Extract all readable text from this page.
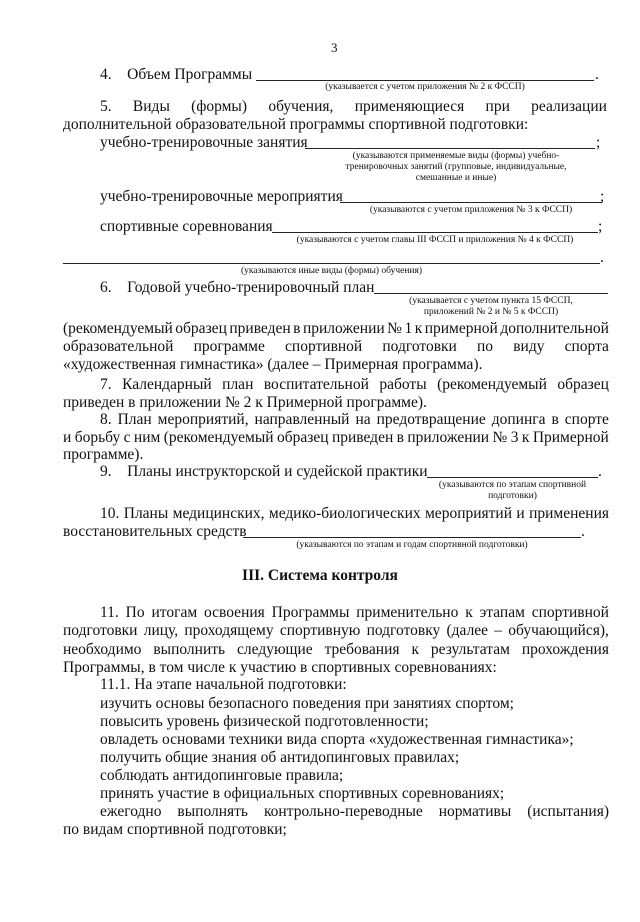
3
4.    Объем Программы	.
(указывается с учетом приложения № 2 к ФССП)
5. Виды (формы) обучения, применяющиеся при реализации
дополнительной образовательной программы спортивной подготовки:
учебно-тренировочные занятия	;
(указываются применяемые виды (формы) учебно-
тренировочных занятий (групповые, индивидуальные,
смешанные и иные)
учебно-тренировочные мероприятия	;
(указываются с учетом приложения № 3 к ФССП)
спортивные соревнования	;
(указываются с учетом главы III ФССП и приложения № 4 к ФССП)
.
(указываются иные виды (формы) обучения)
6.    Годовой учебно-тренировочный план
(указывается с учетом пункта 15 ФССП,
приложений № 2 и № 5 к ФССП)
(рекомендуемый образец приведен в приложении № 1 к примерной дополнительной
образовательной программе спортивной подготовки по виду спорта
«художественная гимнастика» (далее – Примерная программа).
7. Календарный план воспитательной работы (рекомендуемый образец
приведен в приложении № 2 к Примерной программе).
8. План мероприятий, направленный на предотвращение допинга в спорте
и борьбу с ним (рекомендуемый образец приведен в приложении № 3 к Примерной
программе).
9.    Планы инструкторской и судейской практики	.
(указываются по этапам спортивной
подготовки)
10. Планы медицинских, медико-биологических мероприятий и применения
восстановительных средств	.
(указываются по этапам и годам спортивной подготовки)
III. Система контроля
11. По итогам освоения Программы применительно к этапам спортивной
подготовки лицу, проходящему спортивную подготовку (далее – обучающийся),
необходимо выполнить следующие требования к результатам прохождения
Программы, в том числе к участию в спортивных соревнованиях:
11.1. На этапе начальной подготовки:
изучить основы безопасного поведения при занятиях спортом;
повысить уровень физической подготовленности;
овладеть основами техники вида спорта «художественная гимнастика»;
получить общие знания об антидопинговых правилах;
соблюдать антидопинговые правила;
принять участие в официальных спортивных соревнованиях;
ежегодно выполнять контрольно-переводные нормативы (испытания)
по видам спортивной подготовки;
